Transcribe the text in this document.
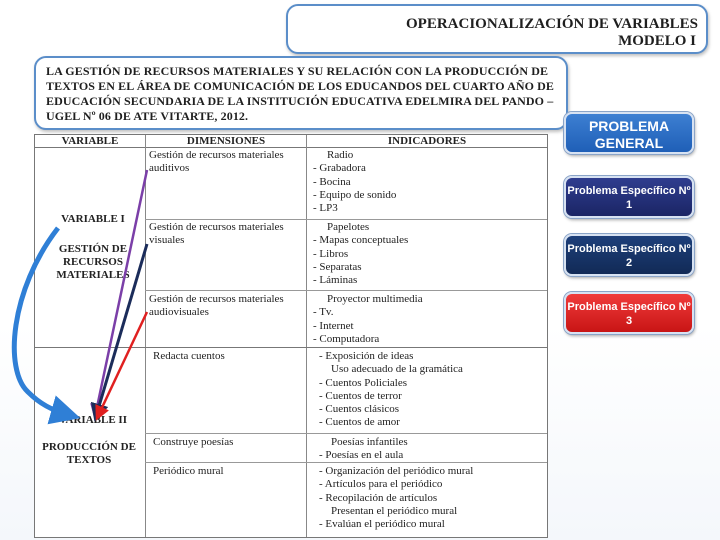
OPERACIONALIZACIÓN DE VARIABLES
MODELO I
LA GESTIÓN DE RECURSOS MATERIALES Y SU RELACIÓN CON LA PRODUCCIÓN DE TEXTOS EN EL ÁREA DE COMUNICACIÓN DE LOS EDUCANDOS DEL CUARTO AÑO DE EDUCACIÓN SECUNDARIA DE LA INSTITUCIÓN EDUCATIVA EDELMIRA DEL PANDO – UGEL Nº 06 DE ATE VITARTE, 2012.
VARIABLE	DIMENSIONES	INDICADORES
VARIABLE I
GESTIÓN DE RECURSOS MATERIALES
VARIABLE II
PRODUCCIÓN DE TEXTOS
Gestión de recursos materiales auditivos
Gestión de recursos materiales visuales
Gestión de recursos materiales audiovisuales
Redacta cuentos
Construye poesías
Periódico mural
Radio
- Grabadora
- Bocina
- Equipo de sonido
- LP3
Papelotes
- Mapas conceptuales
- Libros
- Separatas
- Láminas
Proyector multimedia
- Tv.
- Internet
- Computadora
- Exposición de ideas
Uso adecuado de la gramática
- Cuentos Policiales
- Cuentos de terror
- Cuentos clásicos
- Cuentos de amor
Poesías infantiles
- Poesías en el aula
- Organización del periódico mural
- Artículos para el periódico
- Recopilación de artículos
Presentan el periódico mural
- Evalúan el periódico mural
PROBLEMA GENERAL
Problema Específico Nº 1
Problema Específico Nº 2
Problema Específico Nº 3
